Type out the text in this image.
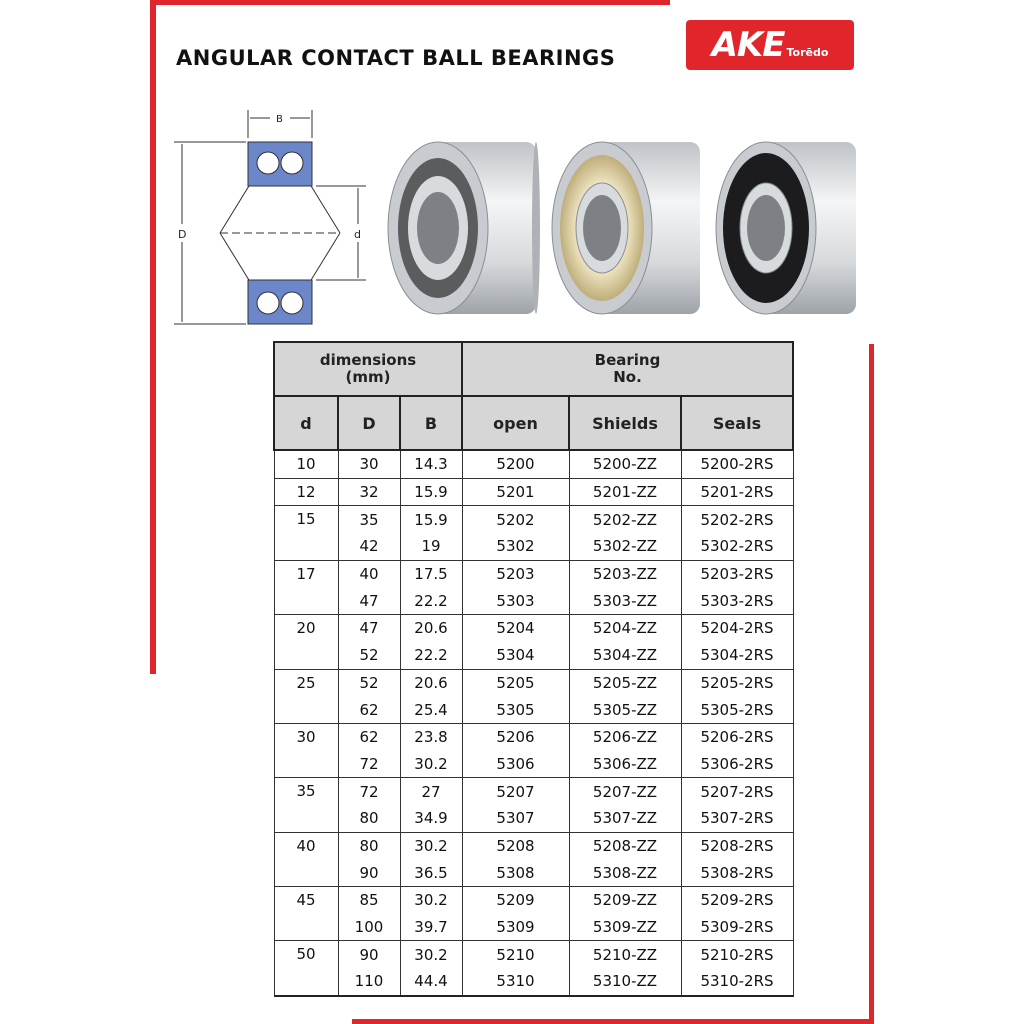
ANGULAR CONTACT BALL BEARINGS	AKE Torēdo
B
D	d
dimensions
(mm)			Bearing
No.		
d	D	B	open	Shields	Seals
10	30	14.3	5200	5200-ZZ	5200-2RS
12	32	15.9	5201	5201-ZZ	5201-2RS
15	35	15.9	5202	5202-ZZ	5202-2RS
	42	19	5302	5302-ZZ	5302-2RS
17	40	17.5	5203	5203-ZZ	5203-2RS
	47	22.2	5303	5303-ZZ	5303-2RS
20	47	20.6	5204	5204-ZZ	5204-2RS
	52	22.2	5304	5304-ZZ	5304-2RS
25	52	20.6	5205	5205-ZZ	5205-2RS
	62	25.4	5305	5305-ZZ	5305-2RS
30	62	23.8	5206	5206-ZZ	5206-2RS
	72	30.2	5306	5306-ZZ	5306-2RS
35	72	27	5207	5207-ZZ	5207-2RS
	80	34.9	5307	5307-ZZ	5307-2RS
40	80	30.2	5208	5208-ZZ	5208-2RS
	90	36.5	5308	5308-ZZ	5308-2RS
45	85	30.2	5209	5209-ZZ	5209-2RS
	100	39.7	5309	5309-ZZ	5309-2RS
50	90	30.2	5210	5210-ZZ	5210-2RS
	110	44.4	5310	5310-ZZ	5310-2RS
